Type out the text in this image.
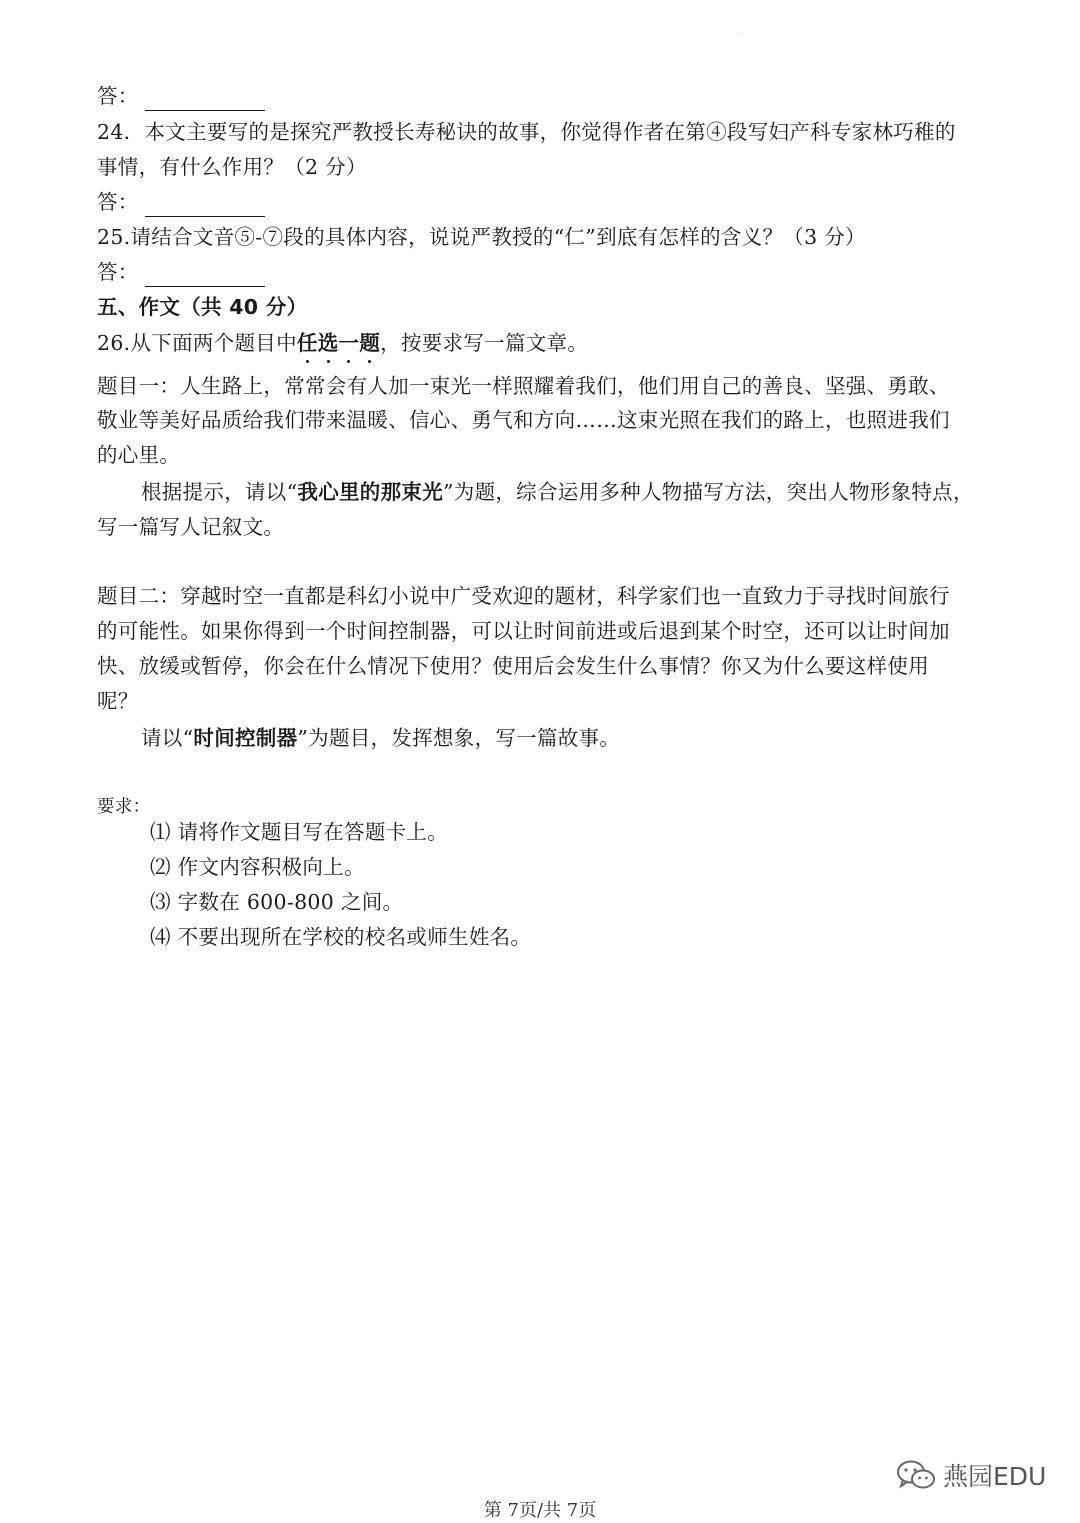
·
答：
24．本文主要写的是探究严教授长寿秘诀的故事，你觉得作者在第④段写妇产科专家林巧稚的
事情，有什么作用？（2 分）
答：
25.请结合文音⑤-⑦段的具体内容，说说严教授的“仁”到底有怎样的含义？（3 分）
答：
五、作文（共 40 分）
26.从下面两个题目中任选一题，按要求写一篇文章。
题目一：人生路上，常常会有人加一束光一样照耀着我们，他们用自己的善良、坚强、勇敢、
敬业等美好品质给我们带来温暖、信心、勇气和方向……这束光照在我们的路上，也照进我们
的心里。
根据提示，请以“我心里的那束光”为题，综合运用多种人物描写方法，突出人物形象特点，
写一篇写人记叙文。
题目二：穿越时空一直都是科幻小说中广受欢迎的题材，科学家们也一直致力于寻找时间旅行
的可能性。如果你得到一个时间控制器，可以让时间前进或后退到某个时空，还可以让时间加
快、放缓或暂停，你会在什么情况下使用？使用后会发生什么事情？你又为什么要这样使用
呢？
请以“时间控制器”为题目，发挥想象，写一篇故事。
要求：
⑴ 请将作文题目写在答题卡上。
⑵ 作文内容积极向上。
⑶ 字数在 600-800 之间。
⑷ 不要出现所在学校的校名或师生姓名。
燕园EDU
第 7页/共 7页
